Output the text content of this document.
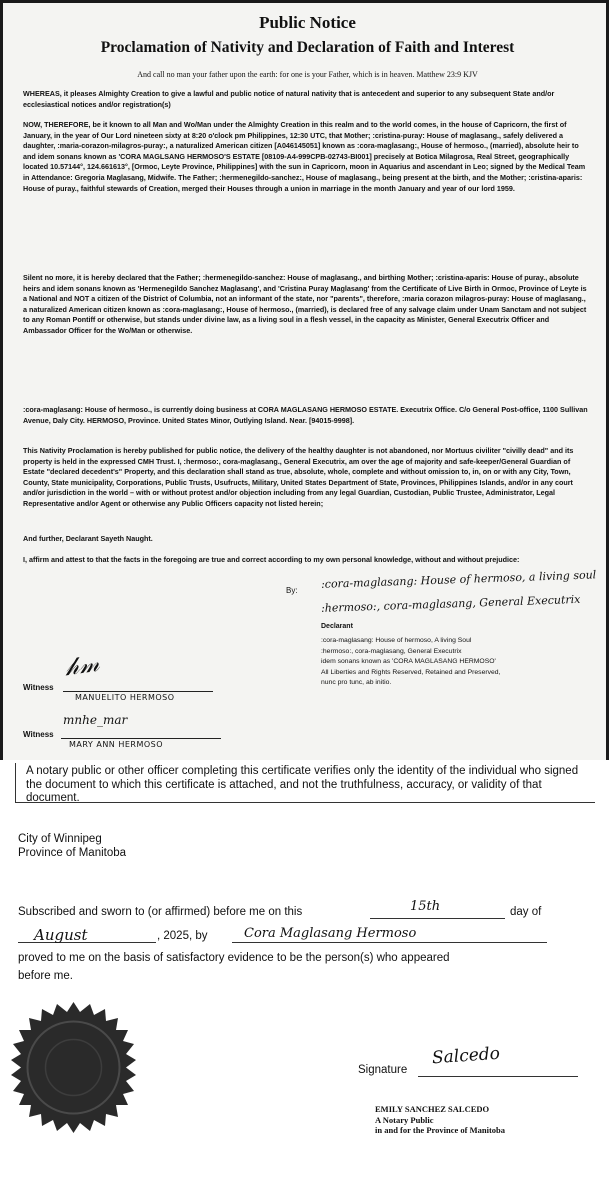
Public Notice
Proclamation of Nativity and Declaration of Faith and Interest
And call no man your father upon the earth: for one is your Father, which is in heaven. Matthew 23:9 KJV

WHEREAS, it pleases Almighty Creation to give a lawful and public notice of natural nativity that is antecedent and superior to any subsequent State and/or ecclesiastical notices and/or registration(s)

NOW, THEREFORE, be it known to all Man and Wo/Man under the Almighty Creation in this realm and to the world comes, in the house of Capricorn, the first of January, in the year of Our Lord nineteen sixty at 8:20 o'clock pm Philippines, 12:30 UTC, that Mother; :cristina-puray: House of maglasang., safely delivered a daughter, :maria-corazon-milagros-puray:, a naturalized American citizen [A046145051] known as :cora-maglasang:, House of hermoso., (married), absolute heir to and idem sonans known as 'CORA MAGLSANG HERMOSO'S ESTATE [08109-A4-999CPB-02743-BI001] precisely at Botica Milagrosa, Real Street, geographically located 10.57144°, 124.661613°, [Ormoc, Leyte Province, Philippines] with the sun in Capricorn, moon in Aquarius and ascendant in Leo; signed by the Medical Team in Attendance: Gregoria Maglasang, Midwife. The Father; :hermenegildo-sanchez:, House of maglasang., being present at the birth, and the Mother; :cristina-aparis: House of puray., faithful stewards of Creation, merged their Houses through a union in marriage in the month January and year of our lord 1959.

Silent no more, it is hereby declared that the Father; :hermenegildo-sanchez: House of maglasang., and birthing Mother; :cristina-aparis: House of puray., absolute heirs and idem sonans known as 'Hermenegildo Sanchez Maglasang', and 'Cristina Puray Maglasang' from the Certificate of Live Birth in Ormoc, Province of Leyte is a National and NOT a citizen of the District of Columbia, not an informant of the state, nor "parents", therefore, :maria corazon milagros-puray: House of maglasang., a naturalized American citizen known as :cora-maglasang:, House of hermoso., (married), is declared free of any salvage claim under Unam Sanctam and not subject to any Roman Pontiff or otherwise, but stands under divine law, as a living soul in a flesh vessel, in the capacity as Minister, General Executrix Officer and Ambassador Officer for the Wo/Man or otherwise.

:cora-maglasang: House of hermoso., is currently doing business at CORA MAGLASANG HERMOSO ESTATE. Executrix Office. C/o General Post-office, 1100 Sullivan Avenue, Daly City. HERMOSO, Province. United States Minor, Outlying Island. Near. [94015-9998].

This Nativity Proclamation is hereby published for public notice, the delivery of the healthy daughter is not abandoned, nor Mortuus civiliter "civilly dead" and its property is held in the expressed CMH Trust. I, :hermoso:, cora-maglasang., General Executrix, am over the age of majority and safe-keeper/General Guardian of Estate "declared decedent's" Property, and this declaration shall stand as true, absolute, whole, complete and without omission to, in, on or with any City, Town, County, State municipality, Corporations, Public Trusts, Usufructs, Military, United States Department of State, Provinces, Philippines Islands, and/or in any court and/or jurisdiction in the world – with or without protest and/or objection including from any legal Guardian, Custodian, Public Trustee, Administrator, Legal Representative and/or Agent or otherwise any Public Officers capacity not listed herein;

And further, Declarant Sayeth Naught.

I, affirm and attest to that the facts in the foregoing are true and correct according to my own personal knowledge, without and without prejudice:

By: :cora-maglasang: House of hermoso, a living soul
:hermoso:, cora-maglasang, General Executrix
Declarant
:cora-maglasang: House of hermoso, A living Soul
:hermoso:, cora-maglasang, General Executrix
idem sonans known as 'CORA MAGLASANG HERMOSO'
All Liberties and Rights Reserved, Retained and Preserved,
nunc pro tunc, ab initio.
Witness
𝒽𝓂
MANUELITO HERMOSO
Witness
mnhe_mar
MARY ANN HERMOSO
A notary public or other officer completing this certificate verifies only the identity of the individual who signed the document to which this certificate is attached, and not the truthfulness, accuracy, or validity of that document.
City of Winnipeg
Province of Manitoba
Subscribed and sworn to (or affirmed) before me on this	15th	day of
August	, 2025, by	Cora Maglasang Hermoso
proved to me on the basis of satisfactory evidence to be the person(s) who appeared
before me.
Signature
Salcedo
EMILY SANCHEZ SALCEDO
A Notary Public
in and for the Province of Manitoba
